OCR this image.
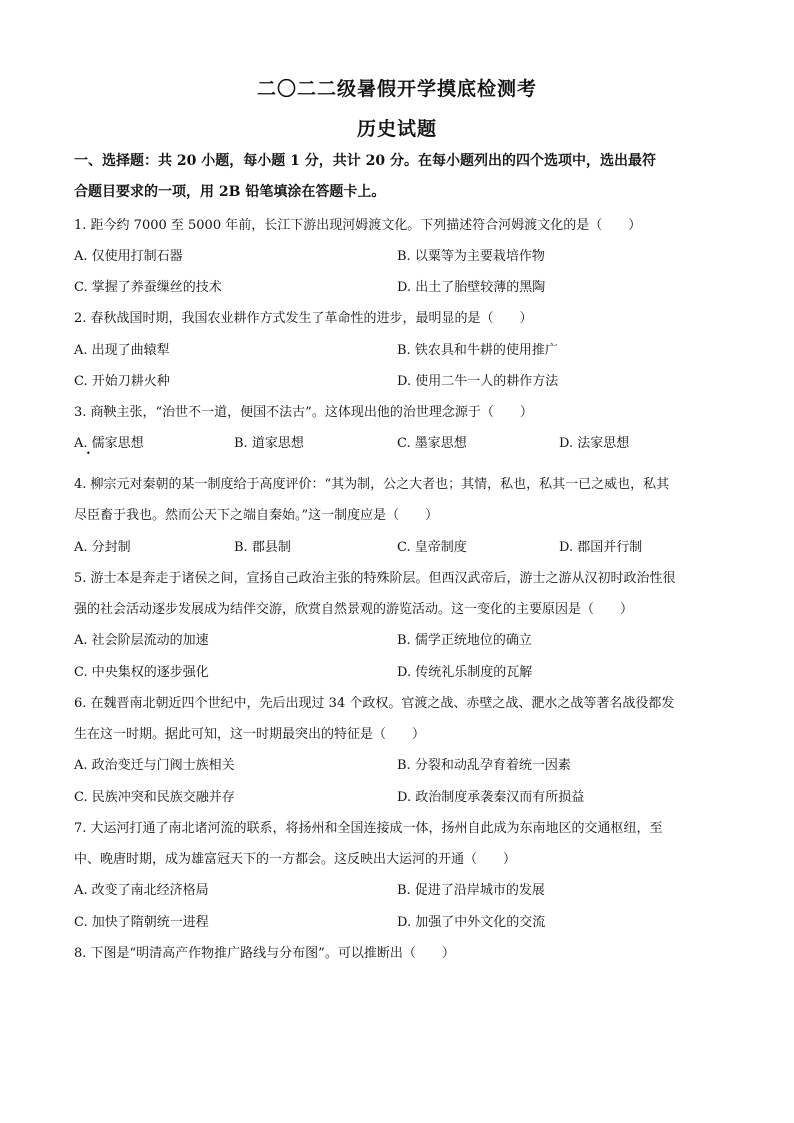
二〇二二级暑假开学摸底检测考
历史试题
一、选择题：共 20 小题，每小题 1 分，共计 20 分。在每小题列出的四个选项中，选出最符
合题目要求的一项，用 2B 铅笔填涂在答题卡上。
1. 距今约 7000 至 5000 年前，长江下游出现河姆渡文化。下列描述符合河姆渡文化的是（　　）
A. 仅使用打制石器	B. 以粟等为主要栽培作物
C. 掌握了养蚕缫丝的技术	D. 出土了胎壁较薄的黑陶
2. 春秋战国时期，我国农业耕作方式发生了革命性的进步，最明显的是（　　）
A. 出现了曲辕犁	B. 铁农具和牛耕的使用推广
C. 开始刀耕火种	D. 使用二牛一人的耕作方法
3. 商鞅主张，“治世不一道，便国不法古”。这体现出他的治世理念源于（　　）
A. 儒家思想	B. 道家思想	C. 墨家思想	D. 法家思想
•
4. 柳宗元对秦朝的某一制度给于高度评价：“其为制，公之大者也；其情，私也，私其一已之威也，私其
尽臣畜于我也。然而公天下之端自秦始。”这一制度应是（　　）
A. 分封制	B. 郡县制	C. 皇帝制度	D. 郡国并行制
5. 游士本是奔走于诸侯之间，宣扬自己政治主张的特殊阶层。但西汉武帝后，游士之游从汉初时政治性很
强的社会活动逐步发展成为结伴交游，欣赏自然景观的游览活动。这一变化的主要原因是（　　）
A. 社会阶层流动的加速	B. 儒学正统地位的确立
C. 中央集权的逐步强化	D. 传统礼乐制度的瓦解
6. 在魏晋南北朝近四个世纪中，先后出现过 34 个政权。官渡之战、赤壁之战、淝水之战等著名战役都发
生在这一时期。据此可知，这一时期最突出的特征是（　　）
A. 政治变迁与门阀士族相关	B. 分裂和动乱孕育着统一因素
C. 民族冲突和民族交融并存	D. 政治制度承袭秦汉而有所损益
7. 大运河打通了南北诸河流的联系，将扬州和全国连接成一体，扬州自此成为东南地区的交通枢纽，至
中、晚唐时期，成为雄富冠天下的一方都会。这反映出大运河的开通（　　）
A. 改变了南北经济格局	B. 促进了沿岸城市的发展
C. 加快了隋朝统一进程	D. 加强了中外文化的交流
8. 下图是“明清高产作物推广路线与分布图”。可以推断出（　　）
